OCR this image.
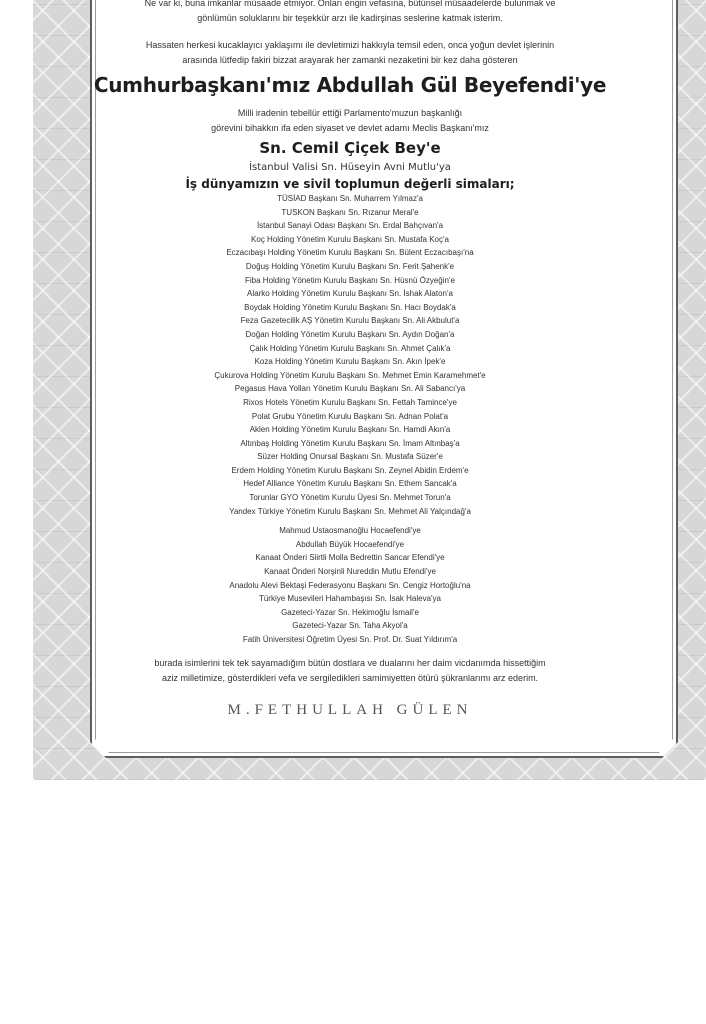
Ne var ki, buna imkanlar müsaade etmiyor. Onları engin vefasına, bütünsel müsaadelerde bulunmak ve

gönlümün soluklarını bir teşekkür arzı ile kadirşinas seslerine katmak isterim.

Hassaten herkesi kucaklayıcı yaklaşımı ile devletimizi hakkıyla temsil eden, onca yoğun devlet işlerinin

arasında lütfedip fakiri bizzat arayarak her zamanki nezaketini bir kez daha gösteren

Cumhurbaşkanı'mız Abdullah Gül Beyefendi'ye

Milli iradenin tebellür ettiği Parlamento'muzun başkanlığı

görevini bihakkın ifa eden siyaset ve devlet adamı Meclis Başkanı'mız

Sn. Cemil Çiçek Bey'e

İstanbul Valisi Sn. Hüseyin Avni Mutlu'ya

İş dünyamızın ve sivil toplumun değerli simaları;

TÜSİAD Başkanı Sn. Muharrem Yılmaz'a
TUSKON Başkanı Sn. Rızanur Meral'e
İstanbul Sanayi Odası Başkanı Sn. Erdal Bahçıvan'a
Koç Holding Yönetim Kurulu Başkanı Sn. Mustafa Koç'a
Eczacıbaşı Holding Yönetim Kurulu Başkanı Sn. Bülent Eczacıbaşı'na
Doğuş Holding Yönetim Kurulu Başkanı Sn. Ferit Şahenk'e
Fiba Holding Yönetim Kurulu Başkanı Sn. Hüsnü Özyeğin'e
Alarko Holding Yönetim Kurulu Başkanı Sn. İshak Alaton'a
Boydak Holding Yönetim Kurulu Başkanı Sn. Hacı Boydak'a
Feza Gazetecilik AŞ Yönetim Kurulu Başkanı Sn. Ali Akbulut'a
Doğan Holding Yönetim Kurulu Başkanı Sn. Aydın Doğan'a
Çalık Holding Yönetim Kurulu Başkanı Sn. Ahmet Çalık'a
Koza Holding Yönetim Kurulu Başkanı Sn. Akın İpek'e
Çukurova Holding Yönetim Kurulu Başkanı Sn. Mehmet Emin Karamehmet'e
Pegasus Hava Yolları Yönetim Kurulu Başkanı Sn. Ali Sabancı'ya
Rixos Hotels Yönetim Kurulu Başkanı Sn. Fettah Tamince'ye
Polat Grubu Yönetim Kurulu Başkanı Sn. Adnan Polat'a
Aklen Holding Yönetim Kurulu Başkanı Sn. Hamdi Akın'a
Altınbaş Holding Yönetim Kurulu Başkanı Sn. İmam Altınbaş'a
Süzer Holding Onursal Başkanı Sn. Mustafa Süzer'e
Erdem Holding Yönetim Kurulu Başkanı Sn. Zeynel Abidin Erdem'e
Hedef Alliance Yönetim Kurulu Başkanı Sn. Ethem Sancak'a
Torunlar GYO Yönetim Kurulu Üyesi Sn. Mehmet Torun'a
Yandex Türkiye Yönetim Kurulu Başkanı Sn. Mehmet Ali Yalçındağ'a
Mahmud Ustaosmanoğlu Hocaefendi'ye
Abdullah Büyük Hocaefendi'ye
Kanaat Önderi Siirtli Molla Bedrettin Sancar Efendi'ye
Kanaat Önderi Norşinli Nureddin Mutlu Efendi'ye
Anadolu Alevi Bektaşi Federasyonu Başkanı Sn. Cengiz Hortoğlu'na
Türkiye Musevileri Hahambaşısı Sn. İsak Haleva'ya
Gazeteci-Yazar Sn. Hekimoğlu İsmail'e
Gazeteci-Yazar Sn. Taha Akyol'a
Fatih Üniversitesi Öğretim Üyesi Sn. Prof. Dr. Suat Yıldırım'a

burada isimlerini tek tek sayamadığım bütün dostlara ve dualarını her daim vicdanımda hissettiğim

aziz milletimize, gösterdikleri vefa ve sergiledikleri samimiyetten ötürü şükranlarımı arz ederim.

M.FETHULLAH GÜLEN
